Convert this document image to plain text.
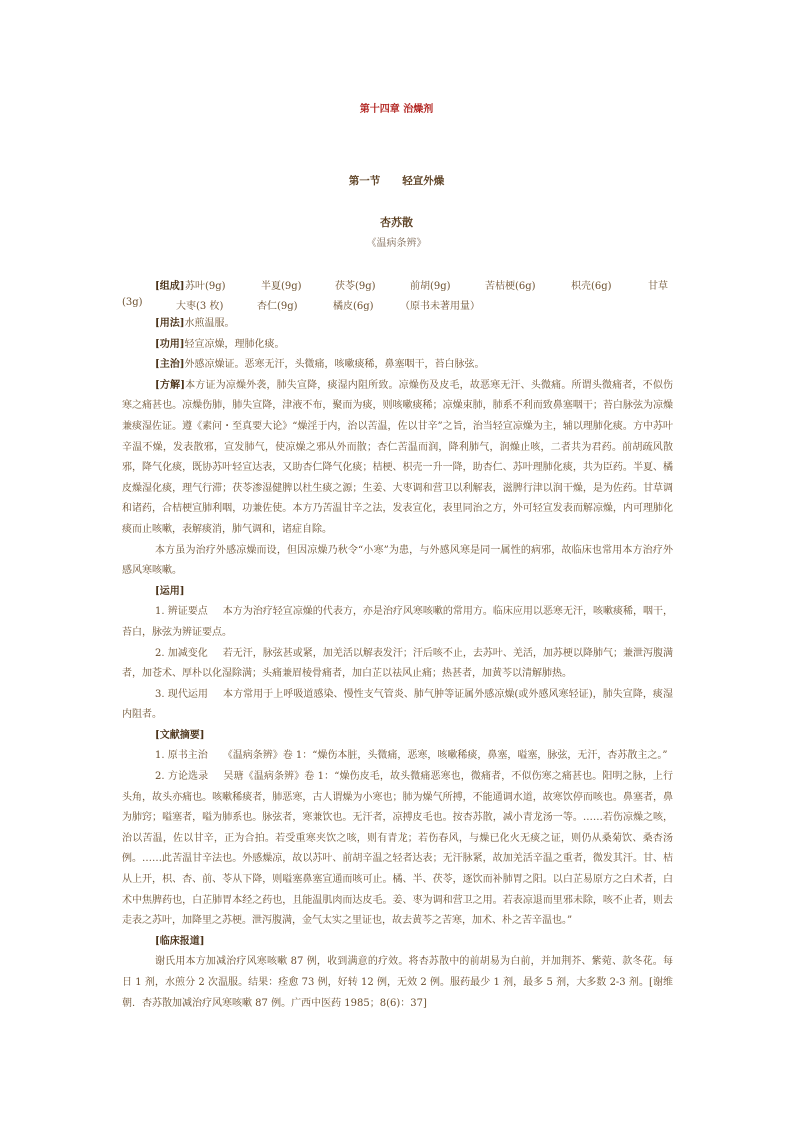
第十四章 治燥剂
第一节      轻宣外燥
杏苏散
《温病条辨》
[组成] 苏叶(9g)	半夏(9g)	茯苓(9g)	前胡(9g)	苦桔梗(6g)	枳壳(6g)	甘草
(3g)	大枣(3 枚)	杏仁(9g)	橘皮(6g)	（原书未著用量）

[用法]水煎温服。

[功用]轻宣凉燥，理肺化痰。

[主治]外感凉燥证。恶寒无汗，头微痛，咳嗽痰稀，鼻塞咽干，苔白脉弦。

[方解]本方证为凉燥外袭，肺失宣降，痰湿内阻所致。凉燥伤及皮毛，故恶寒无汗、头微痛。所谓头微痛者，不似伤寒之痛甚也。凉燥伤肺，肺失宣降，津液不布，聚而为痰，则咳嗽痰稀；凉燥束肺，肺系不利而致鼻塞咽干；苔白脉弦为凉燥兼痰湿佐证。遵《素问・至真要大论》“燥淫于内，治以苦温，佐以甘辛”之旨，治当轻宣凉燥为主，辅以理肺化痰。方中苏叶辛温不燥，发表散邪，宣发肺气，使凉燥之邪从外而散；杏仁苦温而润，降利肺气，润燥止咳，二者共为君药。前胡疏风散邪，降气化痰，既协苏叶轻宣达表，又助杏仁降气化痰；桔梗、枳壳一升一降，助杏仁、苏叶理肺化痰，共为臣药。半夏、橘皮燥湿化痰，理气行滞；茯苓渗湿健脾以杜生痰之源；生姜、大枣调和营卫以利解表，滋脾行津以润干燥，是为佐药。甘草调和诸药，合桔梗宣肺利咽，功兼佐使。本方乃苦温甘辛之法，发表宣化，表里同治之方，外可轻宣发表而解凉燥，内可理肺化痰而止咳嗽，表解痰消，肺气调和，诸症自除。

本方虽为治疗外感凉燥而设，但因凉燥乃秋令“小寒”为患，与外感风寒是同一属性的病邪，故临床也常用本方治疗外感风寒咳嗽。

[运用]

1. 辨证要点   本方为治疗轻宣凉燥的代表方，亦是治疗风寒咳嗽的常用方。临床应用以恶寒无汗，咳嗽痰稀，咽干，苔白，脉弦为辨证要点。

2. 加减变化   若无汗，脉弦甚或紧，加羌活以解表发汗；汗后咳不止，去苏叶、羌活，加苏梗以降肺气；兼泄泻腹满者，加苍术、厚朴以化湿除满；头痛兼眉棱骨痛者，加白芷以祛风止痛；热甚者，加黄芩以清解肺热。

3. 现代运用   本方常用于上呼吸道感染、慢性支气管炎、肺气肿等证属外感凉燥(或外感风寒轻证)，肺失宣降，痰湿内阻者。

[文献摘要]

1. 原书主治   《温病条辨》卷 1：“燥伤本脏，头微痛，恶寒，咳嗽稀痰，鼻塞，嗌塞，脉弦，无汗，杏苏散主之。”

2. 方论选录   吴瑭《温病条辨》卷 1：“燥伤皮毛，故头微痛恶寒也，微痛者，不似伤寒之痛甚也。阳明之脉，上行头角，故头亦痛也。咳嗽稀痰者，肺恶寒，古人谓燥为小寒也；肺为燥气所搏，不能通调水道，故寒饮停而咳也。鼻塞者，鼻为肺窍；嗌塞者，嗌为肺系也。脉弦者，寒兼饮也。无汗者，凉搏皮毛也。按杏苏散，减小青龙汤一等。……若伤凉燥之咳，治以苦温，佐以甘辛，正为合拍。若受重寒夹饮之咳，则有青龙；若伤春风，与燥已化火无痰之证，则仍从桑菊饮、桑杏汤例。……此苦温甘辛法也。外感燥凉，故以苏叶、前胡辛温之轻者达表；无汗脉紧，故加羌活辛温之重者，微发其汗。甘、桔从上开，枳、杏、前、苓从下降，则嗌塞鼻塞宣通而咳可止。橘、半、茯苓，逐饮而补肺胃之阳。以白芷易原方之白术者，白术中焦脾药也，白芷肺胃本经之药也，且能温肌肉而达皮毛。姜、枣为调和营卫之用。若表凉退而里邪未除，咳不止者，则去走表之苏叶，加降里之苏梗。泄泻腹满，金气太实之里证也，故去黄芩之苦寒，加术、朴之苦辛温也。”

[临床报道]

谢氏用本方加减治疗风寒咳嗽 87 例，收到满意的疗效。将杏苏散中的前胡易为白前，并加荆芥、紫菀、款冬花。每日 1 剂，水煎分 2 次温服。结果：痊愈 73 例，好转 12 例，无效 2 例。服药最少 1 剂，最多 5 剂，大多数 2-3 剂。[谢维朝．杏苏散加减治疗风寒咳嗽 87 例。广西中医药 1985；8(6)：37]
